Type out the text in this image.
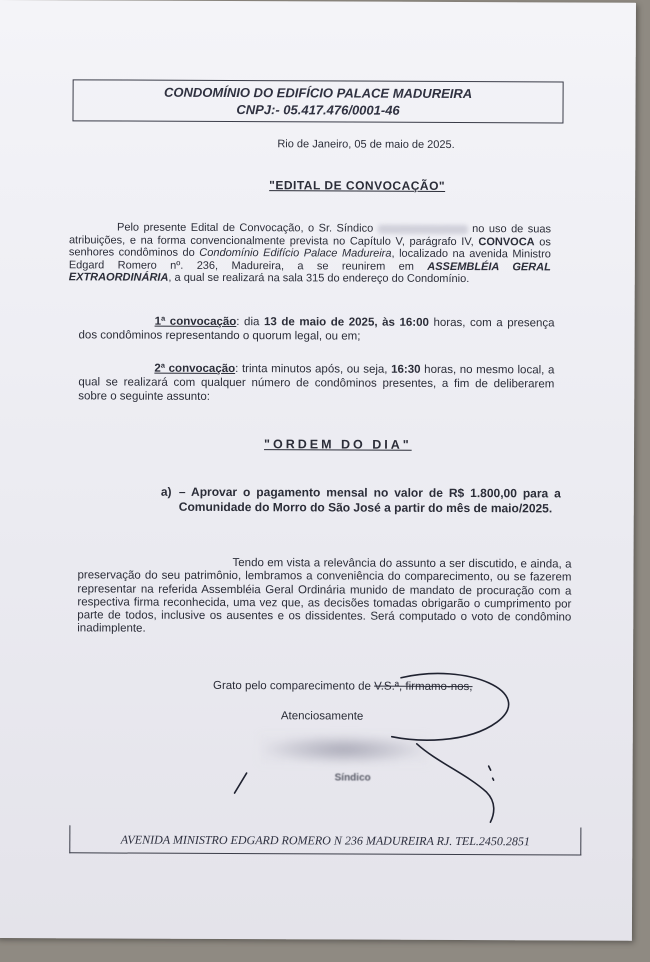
CONDOMÍNIO DO EDIFÍCIO PALACE MADUREIRA
CNPJ:- 05.417.476/0001-46
Rio de Janeiro, 05 de maio de 2025.
"EDITAL DE CONVOCAÇÃO"
Pelo presente Edital de Convocação, o Sr. Síndico	no uso de suas atribuições, e na forma convencionalmente prevista no Capítulo V, parágrafo IV, CONVOCA os senhores condôminos do Condomínio Edifício Palace Madureira, localizado na avenida Ministro Edgard Romero nº. 236, Madureira, a se reunirem em ASSEMBLÉIA GERAL EXTRAORDINÁRIA, a qual se realizará na sala 315 do endereço do Condomínio.
1ª convocação: dia 13 de maio de 2025, às 16:00 horas, com a presença dos condôminos representando o quorum legal, ou em;
2ª convocação: trinta minutos após, ou seja, 16:30 horas, no mesmo local, a qual se realizará com qualquer número de condôminos presentes, a fim de deliberarem sobre o seguinte assunto:
"ORDEM DO DIA"
a) – Aprovar o pagamento mensal no valor de R$ 1.800,00 para a Comunidade do Morro do São José a partir do mês de maio/2025.
Tendo em vista a relevância do assunto a ser discutido, e ainda, a preservação do seu patrimônio, lembramos a conveniência do comparecimento, ou se fazerem representar na referida Assembléia Geral Ordinária munido de mandato de procuração com a respectiva firma reconhecida, uma vez que, as decisões tomadas obrigarão o cumprimento por parte de todos, inclusive os ausentes e os dissidentes. Será computado o voto de condômino inadimplente.
Grato pelo comparecimento de V.S.ª, firmamo-nos,
Atenciosamente
Síndico
AVENIDA MINISTRO EDGARD ROMERO N 236 MADUREIRA RJ. TEL.2450.2851
